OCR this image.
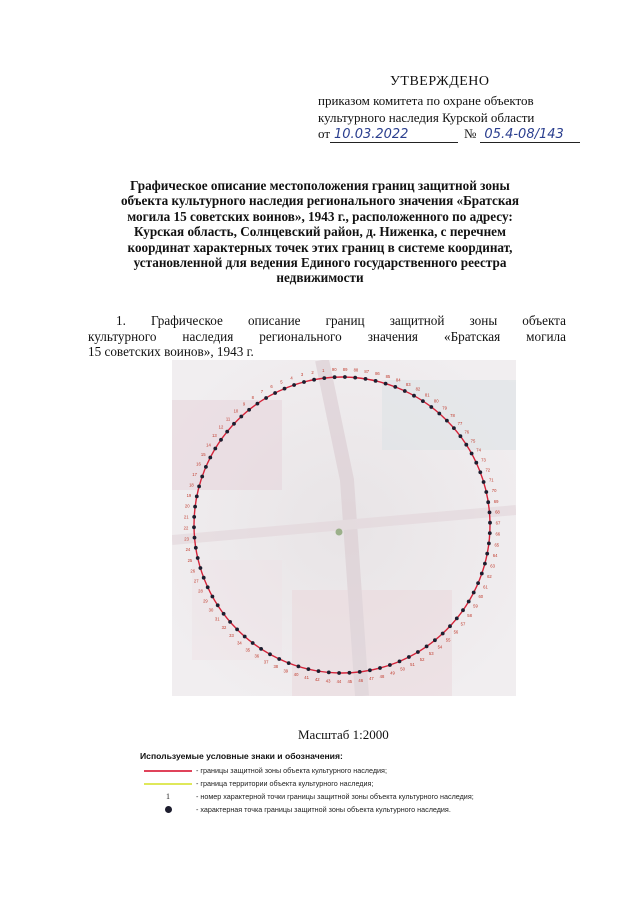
УТВЕРЖДЕНО
приказом комитета по охране объектов
культурного наследия Курской области
от 10.03.2022	№ 05.4-08/143
Графическое описание местоположения границ защитной зоны
объекта культурного наследия регионального значения «Братская
могила 15 советских воинов», 1943 г., расположенного по адресу:
Курская область, Солнцевский район, д. Ниженка, с перечнем
координат характерных точек этих границ в системе координат,
установленной для ведения Единого государственного реестра
недвижимости
1. Графическое описание границ защитной зоны объекта
культурного наследия регионального значения «Братская могила
15 советских воинов», 1943 г.
1
2
3
4
5
6
7
8
9
10
11
12
13
14
15
16
17
18
19
20
21
22
23
24
25
26
27
28
29
30
31
32
33
34
35
36
37
38
39
40
41 42 43 44 45 46 47 48
49
50
51
52
53
54
55
56
57
58
59
60
61
62
63
64
65
66
67
68
69
70
71
72
73
74
75
76
77
78
79
80
81
82
83
84
85
86
87
88
89
90
Масштаб 1:2000
Используемые условные знаки и обозначения:
- границы защитной зоны объекта культурного наследия;
- граница территории объекта культурного наследия;
1	- номер характерной точки границы защитной зоны объекта культурного наследия;
- характерная точка границы защитной зоны объекта культурного наследия.
